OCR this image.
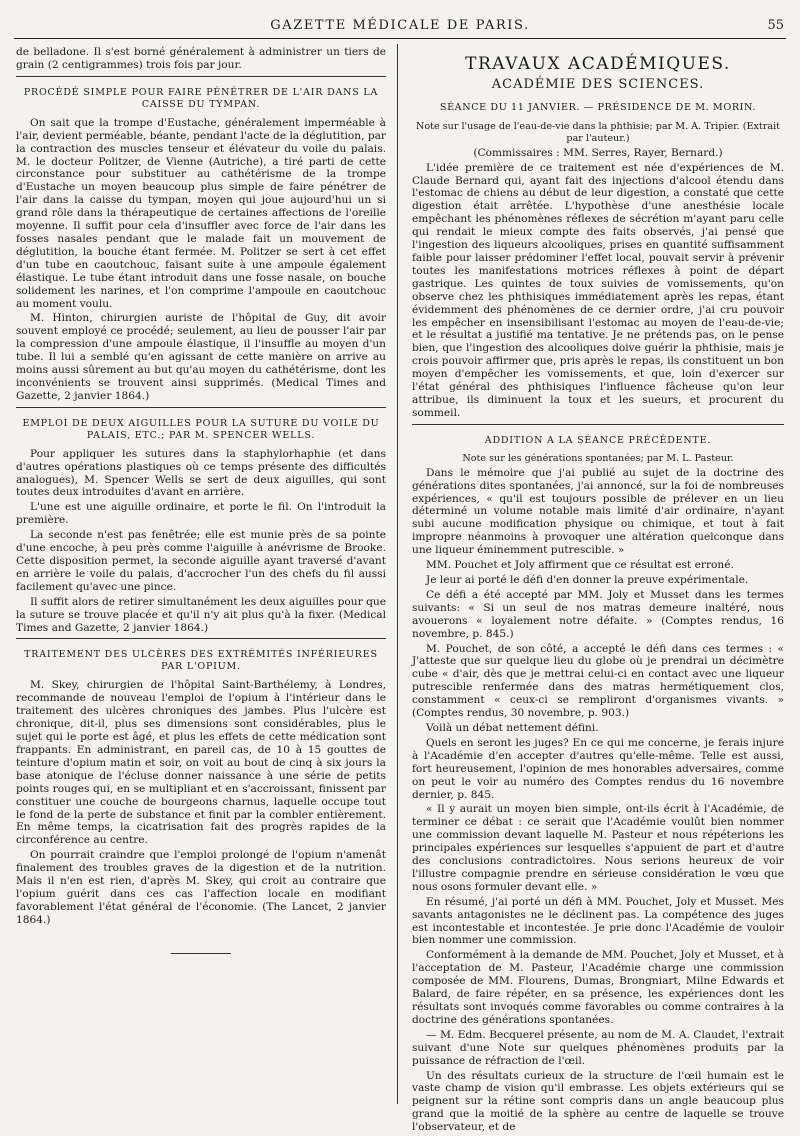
GAZETTE MÉDICALE DE PARIS.	55

de belladone. Il s'est borné généralement à administrer un tiers de grain (2 centigrammes) trois fois par jour.

PROCÉDÉ SIMPLE POUR FAIRE PÉNÉTRER DE L'AIR DANS LA CAISSE DU TYMPAN.

On sait que la trompe d'Eustache, généralement imperméable à l'air, devient perméable, béante, pendant l'acte de la déglutition, par la contraction des muscles tenseur et élévateur du voile du palais. M. le docteur Politzer, de Vienne (Autriche), a tiré parti de cette circonstance pour substituer au cathétérisme de la trompe d'Eustache un moyen beaucoup plus simple de faire pénétrer de l'air dans la caisse du tympan, moyen qui joue aujourd'hui un si grand rôle dans la thérapeutique de certaines affections de l'oreille moyenne. Il suffit pour cela d'insuffler avec force de l'air dans les fosses nasales pendant que le malade fait un mouvement de déglutition, la bouche étant fermée. M. Politzer se sert à cet effet d'un tube en caoutchouc, faisant suite à une ampoule également élastique. Le tube étant introduit dans une fosse nasale, on bouche solidement les narines, et l'on comprime l'ampoule en caoutchouc au moment voulu.

M. Hinton, chirurgien auriste de l'hôpital de Guy, dit avoir souvent employé ce procédé; seulement, au lieu de pousser l'air par la compression d'une ampoule élastique, il l'insuffle au moyen d'un tube. Il lui a semblé qu'en agissant de cette manière on arrive au moins aussi sûrement au but qu'au moyen du cathétérisme, dont les inconvénients se trouvent ainsi supprimés. (Medical Times and Gazette, 2 janvier 1864.)

EMPLOI DE DEUX AIGUILLES POUR LA SUTURE DU VOILE DU PALAIS, ETC.; PAR M. SPENCER WELLS.

Pour appliquer les sutures dans la staphylorhaphie (et dans d'autres opérations plastiques où ce temps présente des difficultés analogues), M. Spencer Wells se sert de deux aiguilles, qui sont toutes deux introduites d'avant en arrière.

L'une est une aiguille ordinaire, et porte le fil. On l'introduit la première.

La seconde n'est pas fenêtrée; elle est munie près de sa pointe d'une encoche, à peu près comme l'aiguille à anévrisme de Brooke. Cette disposition permet, la seconde aiguille ayant traversé d'avant en arrière le voile du palais, d'accrocher l'un des chefs du fil aussi facilement qu'avec une pince.

Il suffit alors de retirer simultanément les deux aiguilles pour que la suture se trouve placée et qu'il n'y ait plus qu'à la fixer. (Medical Times and Gazette, 2 janvier 1864.)

TRAITEMENT DES ULCÈRES DES EXTRÉMITÉS INFÉRIEURES PAR L'OPIUM.

M. Skey, chirurgien de l'hôpital Saint-Barthélemy, à Londres, recommande de nouveau l'emploi de l'opium à l'intérieur dans le traitement des ulcères chroniques des jambes. Plus l'ulcère est chronique, dit-il, plus ses dimensions sont considérables, plus le sujet qui le porte est âgé, et plus les effets de cette médication sont frappants. En administrant, en pareil cas, de 10 à 15 gouttes de teinture d'opium matin et soir, on voit au bout de cinq à six jours la base atonique de l'écluse donner naissance à une série de petits points rouges qui, en se multipliant et en s'accroissant, finissent par constituer une couche de bourgeons charnus, laquelle occupe tout le fond de la perte de substance et finit par la combler entièrement. En même temps, la cicatrisation fait des progrès rapides de la circonférence au centre.

On pourrait craindre que l'emploi prolongé de l'opium n'amenât finalement des troubles graves de la digestion et de la nutrition. Mais il n'en est rien, d'après M. Skey, qui croit au contraire que l'opium guérit dans ces cas l'affection locale en modifiant favorablement l'état général de l'économie. (The Lancet, 2 janvier 1864.)

TRAVAUX ACADÉMIQUES.
ACADÉMIE DES SCIENCES.
SÉANCE DU 11 JANVIER. — PRÉSIDENCE DE M. MORIN.
Note sur l'usage de l'eau-de-vie dans la phthisie; par M. A. Tripier. (Extrait par l'auteur.)

(Commissaires : MM. Serres, Rayer, Bernard.)

L'idée première de ce traitement est née d'expériences de M. Claude Bernard qui, ayant fait des injections d'alcool étendu dans l'estomac de chiens au début de leur digestion, a constaté que cette digestion était arrêtée. L'hypothèse d'une anesthésie locale empêchant les phénomènes réflexes de sécrétion m'ayant paru celle qui rendait le mieux compte des faits observés, j'ai pensé que l'ingestion des liqueurs alcooliques, prises en quantité suffisamment faible pour laisser prédominer l'effet local, pouvait servir à prévenir toutes les manifestations motrices réflexes à point de départ gastrique. Les quintes de toux suivies de vomissements, qu'on observe chez les phthisiques immédiatement après les repas, étant évidemment des phénomènes de ce dernier ordre, j'ai cru pouvoir les empêcher en insensibilisant l'estomac au moyen de l'eau-de-vie; et le résultat a justifié ma tentative. Je ne prétends pas, on le pense bien, que l'ingestion des alcooliques doive guérir la phthisie, mais je crois pouvoir affirmer que, pris après le repas, ils constituent un bon moyen d'empêcher les vomissements, et que, loin d'exercer sur l'état général des phthisiques l'influence fâcheuse qu'on leur attribue, ils diminuent la toux et les sueurs, et procurent du sommeil.

ADDITION A LA SÉANCE PRÉCÉDENTE.
Note sur les générations spontanées; par M. L. Pasteur.

Dans le mémoire que j'ai publié au sujet de la doctrine des générations dites spontanées, j'ai annoncé, sur la foi de nombreuses expériences, « qu'il est toujours possible de prélever en un lieu déterminé un volume notable mais limité d'air ordinaire, n'ayant subi aucune modification physique ou chimique, et tout à fait impropre néanmoins à provoquer une altération quelconque dans une liqueur éminemment putrescible. »

MM. Pouchet et Joly affirment que ce résultat est erroné.

Je leur ai porté le défi d'en donner la preuve expérimentale.

Ce défi a été accepté par MM. Joly et Musset dans les termes suivants: « Si un seul de nos matras demeure inaltéré, nous avouerons « loyalement notre défaite. » (Comptes rendus, 16 novembre, p. 845.)

M. Pouchet, de son côté, a accepté le défi dans ces termes : « J'atteste que sur quelque lieu du globe où je prendrai un décimètre cube « d'air, dès que je mettrai celui-ci en contact avec une liqueur putrescible renfermée dans des matras hermétiquement clos, constamment « ceux-ci se rempliront d'organismes vivants. » (Comptes rendus, 30 novembre, p. 903.)

Voilà un débat nettement défini.

Quels en seront les juges? En ce qui me concerne, je ferais injure à l'Académie d'en accepter d'autres qu'elle-même. Telle est aussi, fort heureusement, l'opinion de mes honorables adversaires, comme on peut le voir au numéro des Comptes rendus du 16 novembre dernier, p. 845.

« Il y aurait un moyen bien simple, ont-ils écrit à l'Académie, de terminer ce débat : ce serait que l'Académie voulût bien nommer une commission devant laquelle M. Pasteur et nous répéterions les principales expériences sur lesquelles s'appuient de part et d'autre des conclusions contradictoires. Nous serions heureux de voir l'illustre compagnie prendre en sérieuse considération le vœu que nous osons formuler devant elle. »

En résumé, j'ai porté un défi à MM. Pouchet, Joly et Musset. Mes savants antagonistes ne le déclinent pas. La compétence des juges est incontestable et incontestée. Je prie donc l'Académie de vouloir bien nommer une commission.

Conformément à la demande de MM. Pouchet, Joly et Musset, et à l'acceptation de M. Pasteur, l'Académie charge une commission composée de MM. Flourens, Dumas, Brongniart, Milne Edwards et Balard, de faire répéter, en sa présence, les expériences dont les résultats sont invoqués comme favorables ou comme contraires à la doctrine des générations spontanées.

— M. Edm. Becquerel présente, au nom de M. A. Claudet, l'extrait suivant d'une Note sur quelques phénomènes produits par la puissance de réfraction de l'œil.

Un des résultats curieux de la structure de l'œil humain est le vaste champ de vision qu'il embrasse. Les objets extérieurs qui se peignent sur la rétine sont compris dans un angle beaucoup plus grand que la moitié de la sphère au centre de laquelle se trouve l'observateur, et de
